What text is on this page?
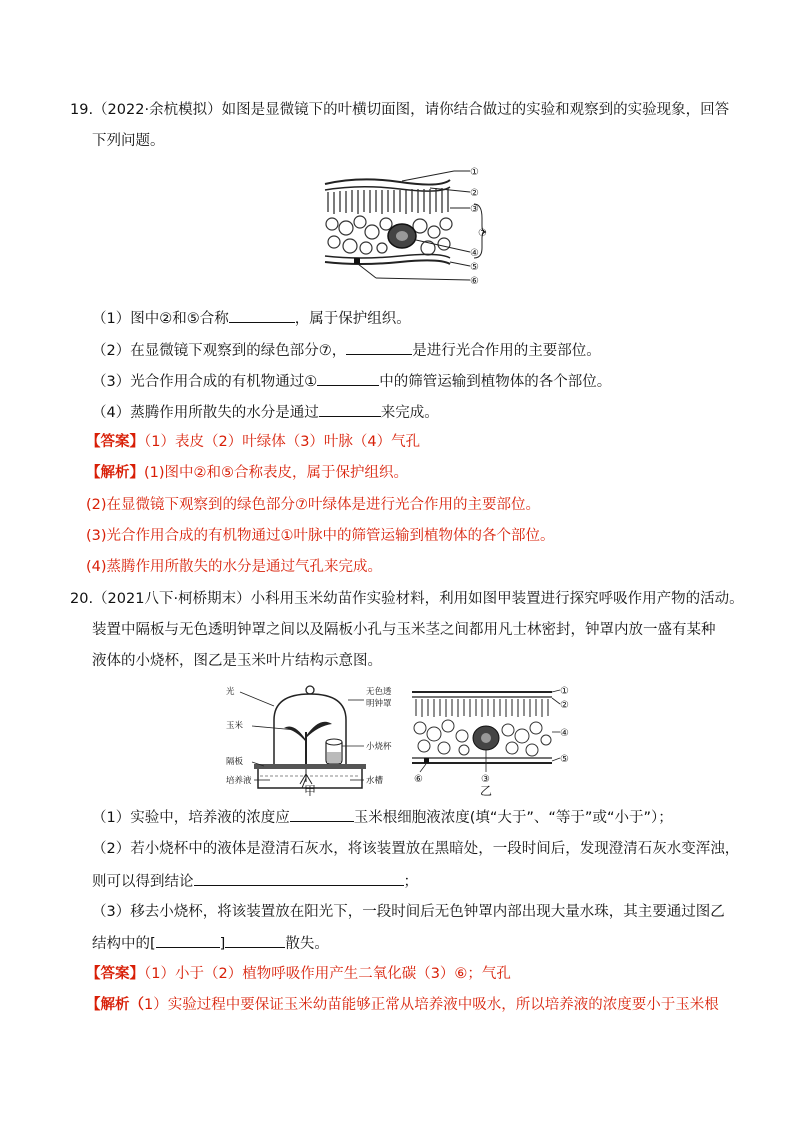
19.（2022·余杭模拟）如图是显微镜下的叶横切面图，请你结合做过的实验和观察到的实验现象，回答
下列问题。
①
②
③
④
⑤
⑥
⑦
（1）图中②和⑤合称	，属于保护组织。
（2）在显微镜下观察到的绿色部分⑦，	是进行光合作用的主要部位。
（3）光合作用合成的有机物通过①	中的筛管运输到植物体的各个部位。
（4）蒸腾作用所散失的水分是通过	来完成。
【答案】（1）表皮（2）叶绿体（3）叶脉（4）气孔
【解析】(1)图中②和⑤合称表皮，属于保护组织。
(2)在显微镜下观察到的绿色部分⑦叶绿体是进行光合作用的主要部位。
(3)光合作用合成的有机物通过①叶脉中的筛管运输到植物体的各个部位。
(4)蒸腾作用所散失的水分是通过气孔来完成。
20.（2021八下·柯桥期末）小科用玉米幼苗作实验材料，利用如图甲装置进行探究呼吸作用产物的活动。
装置中隔板与无色透明钟罩之间以及隔板小孔与玉米茎之间都用凡士林密封，钟罩内放一盛有某种
液体的小烧杯，图乙是玉米叶片结构示意图。
光	无色透
明钟罩
玉米
小烧杯
隔板
培养液	水槽
甲
①
②
③
④
⑤
⑥
乙
（1）实验中，培养液的浓度应	玉米根细胞液浓度(填“大于”、“等于”或“小于”）；
（2）若小烧杯中的液体是澄清石灰水，将该装置放在黑暗处，一段时间后，发现澄清石灰水变浑浊，
则可以得到结论	；
（3）移去小烧杯，将该装置放在阳光下，一段时间后无色钟罩内部出现大量水珠，其主要通过图乙
结构中的[	]	散失。
【答案】（1）小于（2）植物呼吸作用产生二氧化碳（3）⑥；气孔
【解析（1）实验过程中要保证玉米幼苗能够正常从培养液中吸水，所以培养液的浓度要小于玉米根
